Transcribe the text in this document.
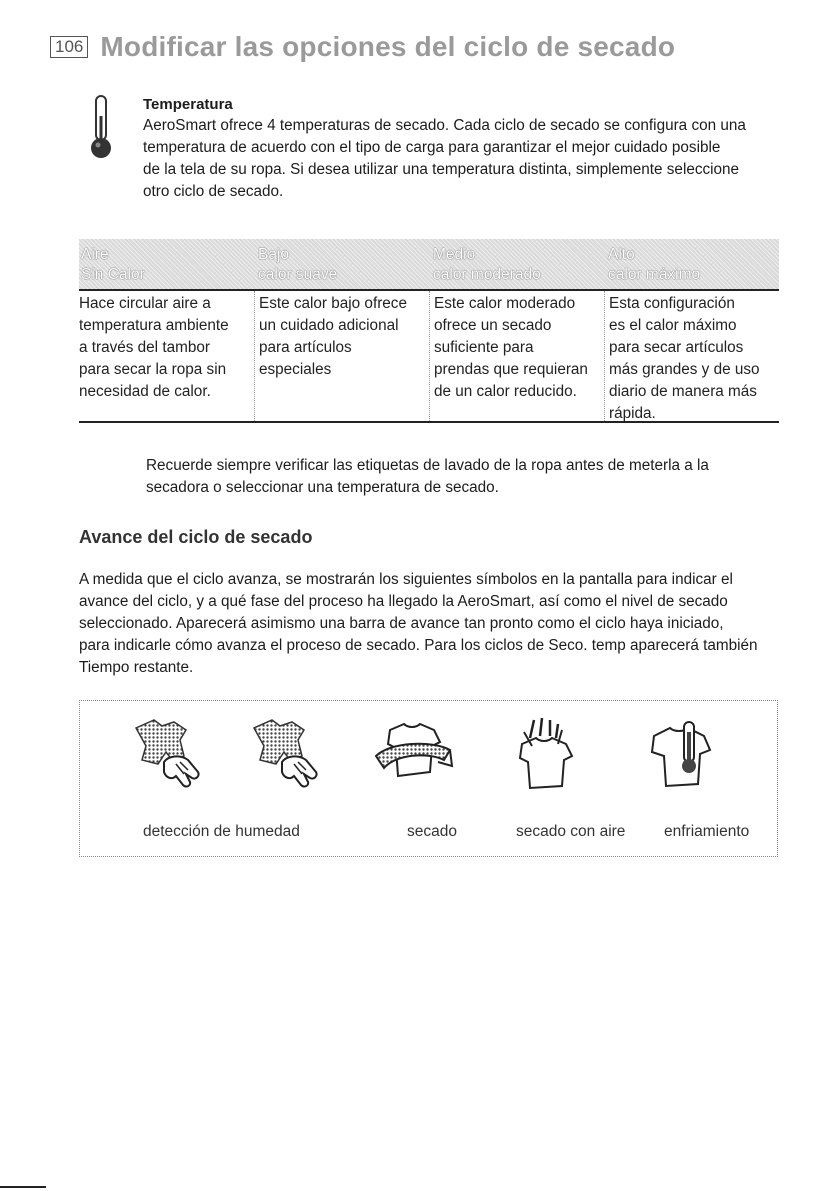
106 Modificar las opciones del ciclo de secado
Temperatura

AeroSmart ofrece 4 temperaturas de secado. Cada ciclo de secado se configura con una
temperatura de acuerdo con el tipo de carga para garantizar el mejor cuidado posible
de la tela de su ropa. Si desea utilizar una temperatura distinta, simplemente seleccione
otro ciclo de secado.

Aire
Sin Calor
Bajo
calor suave
Medio
calor moderado
Alto
calor máximo
Hace circular aire a
temperatura ambiente
a través del tambor
para secar la ropa sin
necesidad de calor.
Este calor bajo ofrece
un cuidado adicional
para artículos
especiales
Este calor moderado
ofrece un secado
suficiente para
prendas que requieran
de un calor reducido.
Esta configuración
es el calor máximo
para secar artículos
más grandes y de uso
diario de manera más
rápida.

Recuerde siempre verificar las etiquetas de lavado de la ropa antes de meterla a la
secadora o seleccionar una temperatura de secado.

Avance del ciclo de secado

A medida que el ciclo avanza, se mostrarán los siguientes símbolos en la pantalla para indicar el
avance del ciclo, y a qué fase del proceso ha llegado la AeroSmart, así como el nivel de secado
seleccionado. Aparecerá asimismo una barra de avance tan pronto como el ciclo haya iniciado,
para indicarle cómo avanza el proceso de secado. Para los ciclos de Seco. temp aparecerá también
Tiempo restante.

detección de humedad	secado	secado con aire enfriamiento
